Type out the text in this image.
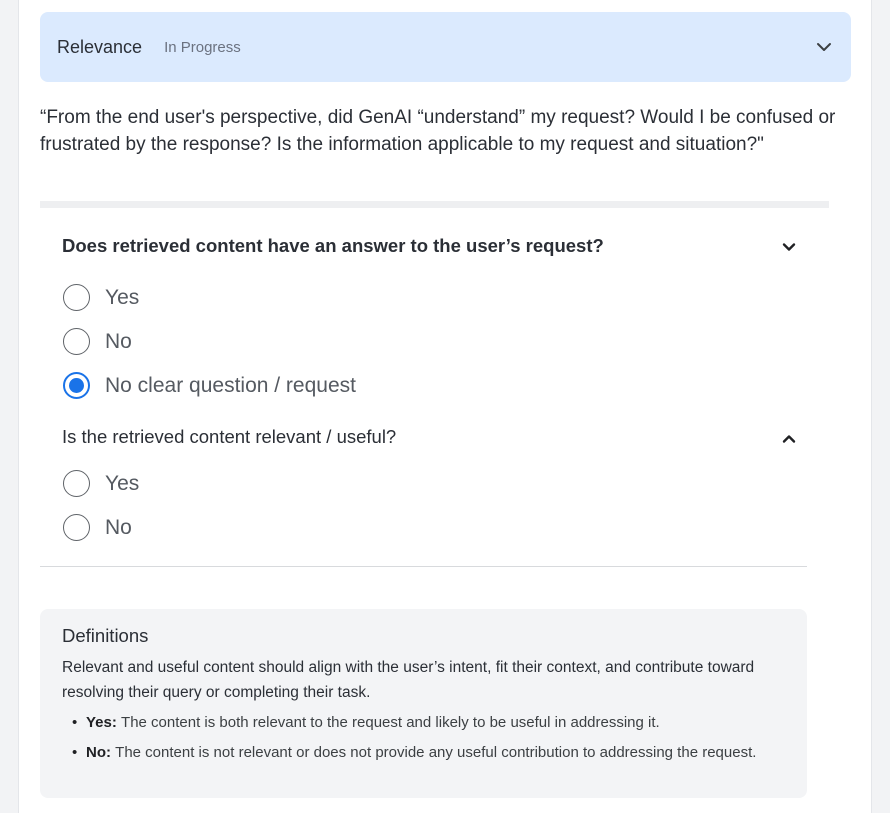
Relevance In Progress
“From the end user's perspective, did GenAI “understand” my request? Would I be confused or frustrated by the response? Is the information applicable to my request and situation?"
Does retrieved content have an answer to the user’s request?
Yes
No
No clear question / request
Is the retrieved content relevant / useful?
Yes
No
Definitions
Relevant and useful content should align with the user’s intent, fit their context, and contribute toward resolving their query or completing their task.
• Yes: The content is both relevant to the request and likely to be useful in addressing it.
• No: The content is not relevant or does not provide any useful contribution to addressing the request.
